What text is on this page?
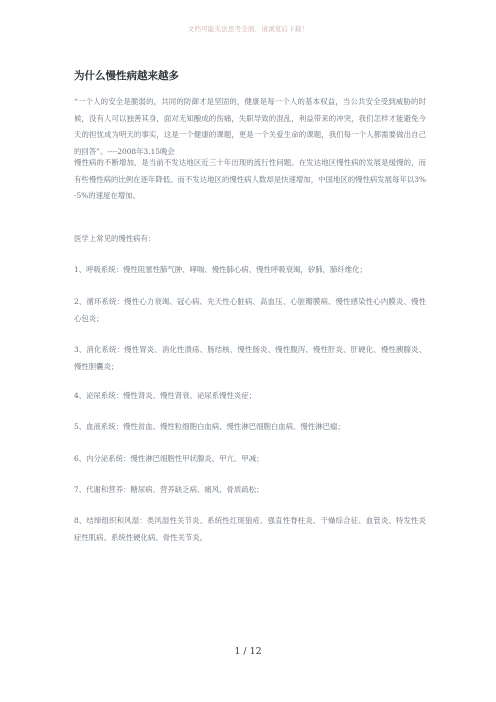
文档可能无法思考全面，请浏览后下载！
为什么慢性病越来越多

“一个人的安全是脆弱的，共同的防御才是坚固的，健康是每一个人的基本权益，当公共安全受到威胁的时候，没有人可以独善其身，面对无知酿成的伤痛，失职导致的混乱，利益带来的冲突，我们怎样才能避免今天的担忧成为明天的事实，这是一个健康的课题，更是一个关爱生命的课题，我们每一个人都需要做出自己的回答”。----2008年3.15晚会

慢性病的不断增加，是当前不发达地区近三十年出现的流行性问题。在发达地区慢性病的发展是缓慢的，而有些慢性病的比例在逐年降低。而不发达地区的慢性病人数却是快速增加，中国地区的慢性病发展每年以3%-5%的速度在增加。

医学上常见的慢性病有：

1、呼吸系统：慢性阻塞性肺气肿、哮喘、慢性肺心病、慢性呼吸衰竭，矽肺，肺纤维化；

2、循环系统：慢性心力衰竭、冠心病、先天性心脏病、高血压、心脏瓣膜病、慢性感染性心内膜炎、慢性心包炎；

3、消化系统：慢性胃炎、消化性溃疡、肠结核、慢性肠炎、慢性腹泻、慢性肝炎、肝硬化、慢性胰腺炎、慢性胆囊炎；

4、泌尿系统：慢性肾炎、慢性肾衰、泌尿系慢性炎症；

5、血液系统：慢性贫血、慢性粒细胞白血病、慢性淋巴细胞白血病、慢性淋巴瘤；

6、内分泌系统：慢性淋巴细胞性甲状腺炎、甲亢、甲减；

7、代谢和营养：糖尿病、营养缺乏病、痛风、骨质疏松；

8、结缔组织和风湿：类风湿性关节炎、系统性红斑狼疮、强直性脊柱炎、干燥综合征、血管炎、特发性炎症性肌病、系统性硬化病、骨性关节炎。

1 / 12
